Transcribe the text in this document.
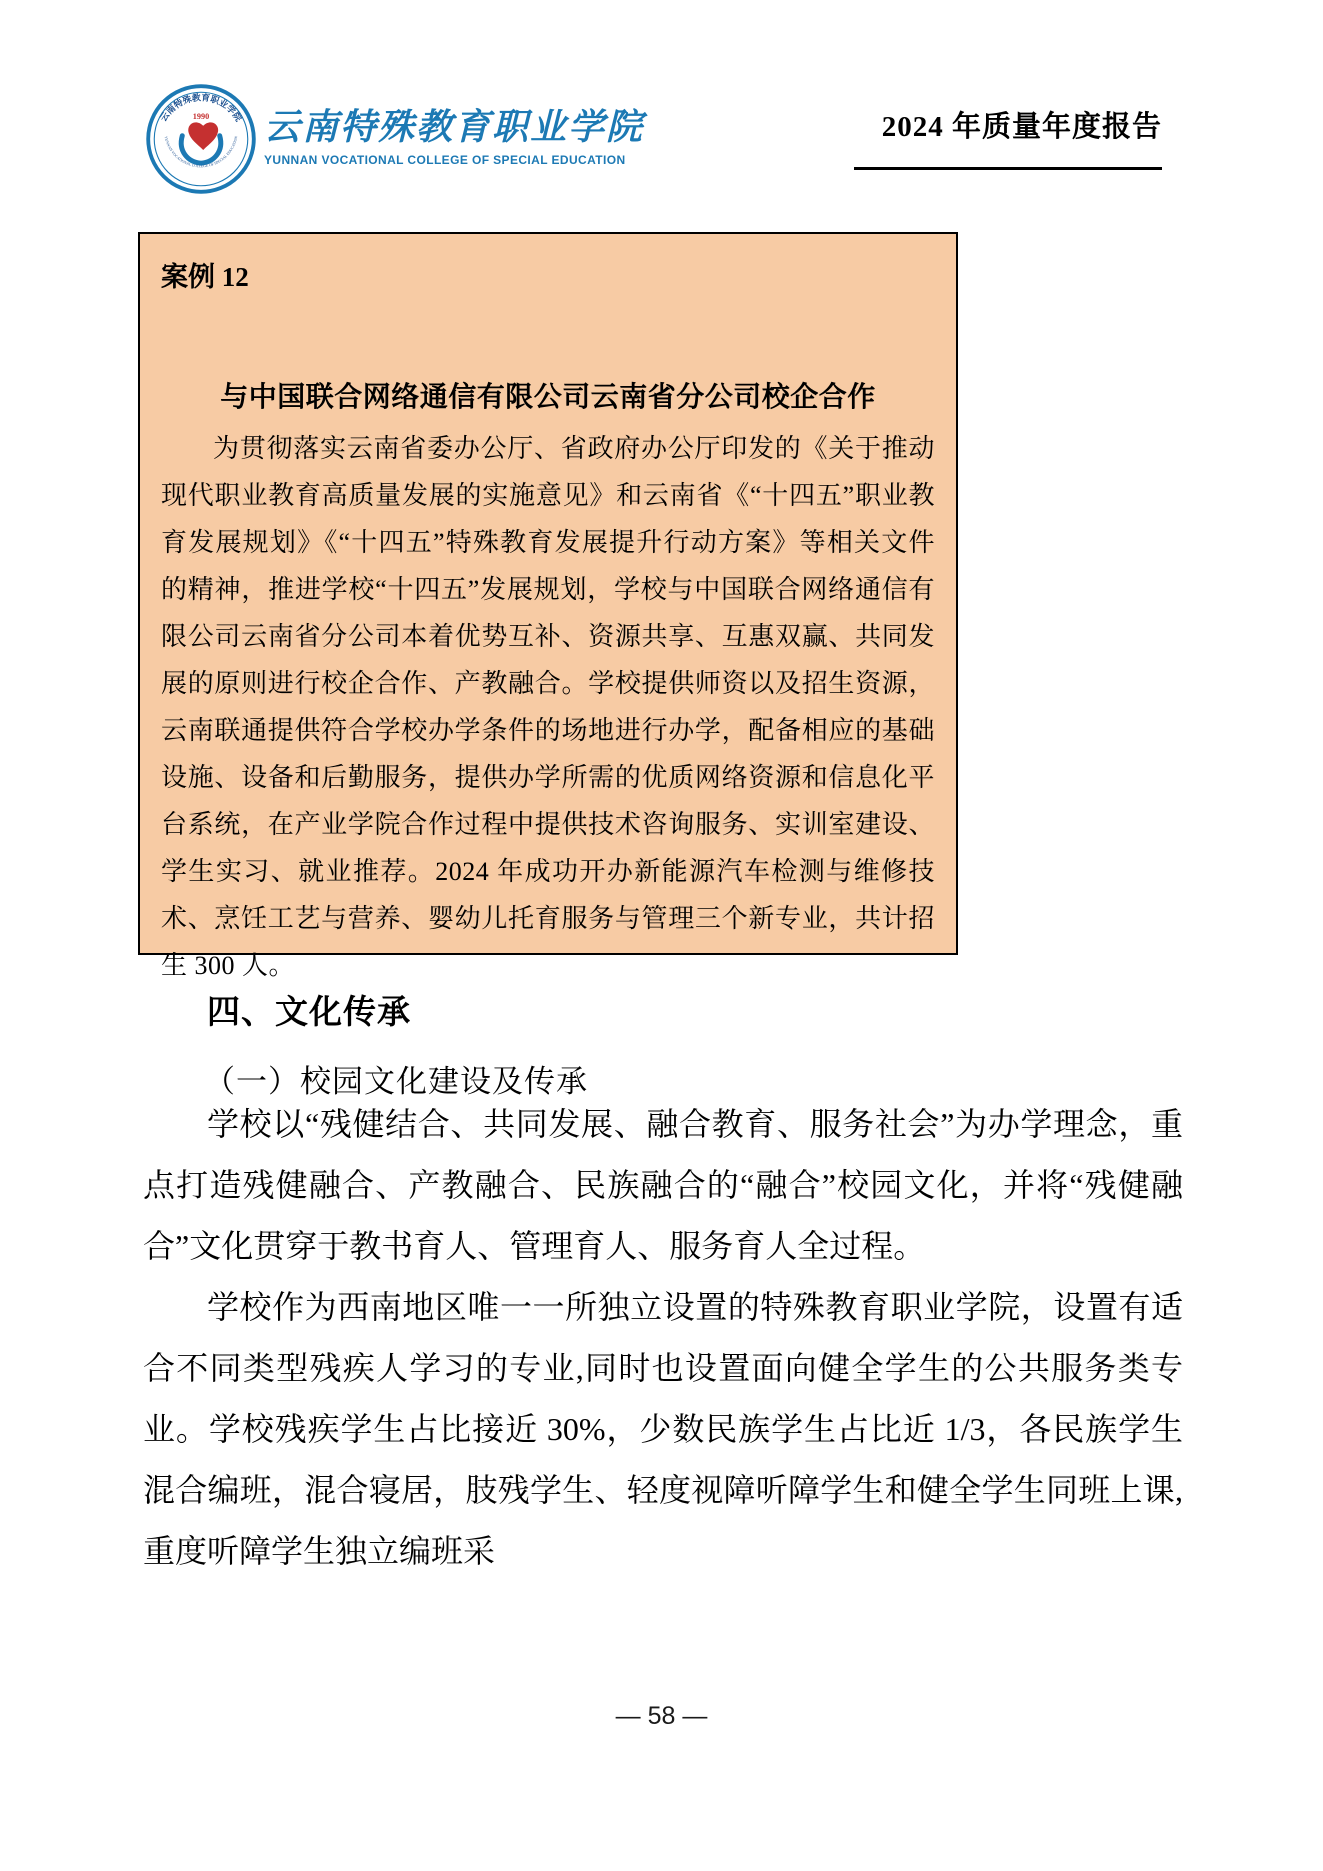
云南特殊教育职业学院
1990
YUNNAN VOCATIONAL COLLEGE OF SPECIAL EDUCATION 云南特殊教育职业学院
YUNNAN VOCATIONAL COLLEGE OF SPECIAL EDUCATION
2024 年质量年度报告
案例 12
与中国联合网络通信有限公司云南省分公司校企合作
为贯彻落实云南省委办公厅、省政府办公厅印发的《关于推动现代职业教育高质量发展的实施意见》和云南省《“十四五”职业教育发展规划》《“十四五”特殊教育发展提升行动方案》等相关文件的精神，推进学校“十四五”发展规划，学校与中国联合网络通信有限公司云南省分公司本着优势互补、资源共享、互惠双赢、共同发展的原则进行校企合作、产教融合。学校提供师资以及招生资源，云南联通提供符合学校办学条件的场地进行办学，配备相应的基础设施、设备和后勤服务，提供办学所需的优质网络资源和信息化平台系统，在产业学院合作过程中提供技术咨询服务、实训室建设、学生实习、就业推荐。2024 年成功开办新能源汽车检测与维修技术、烹饪工艺与营养、婴幼儿托育服务与管理三个新专业，共计招生 300 人。
四、文化传承
（一）校园文化建设及传承
学校以“残健结合、共同发展、融合教育、服务社会”为办学理念，重点打造残健融合、产教融合、民族融合的“融合”校园文化，并将“残健融合”文化贯穿于教书育人、管理育人、服务育人全过程。
学校作为西南地区唯一一所独立设置的特殊教育职业学院，设置有适合不同类型残疾人学习的专业,同时也设置面向健全学生的公共服务类专业。学校残疾学生占比接近 30%，少数民族学生占比近 1/3，各民族学生混合编班，混合寝居，肢残学生、轻度视障听障学生和健全学生同班上课,重度听障学生独立编班采
— 58 —
